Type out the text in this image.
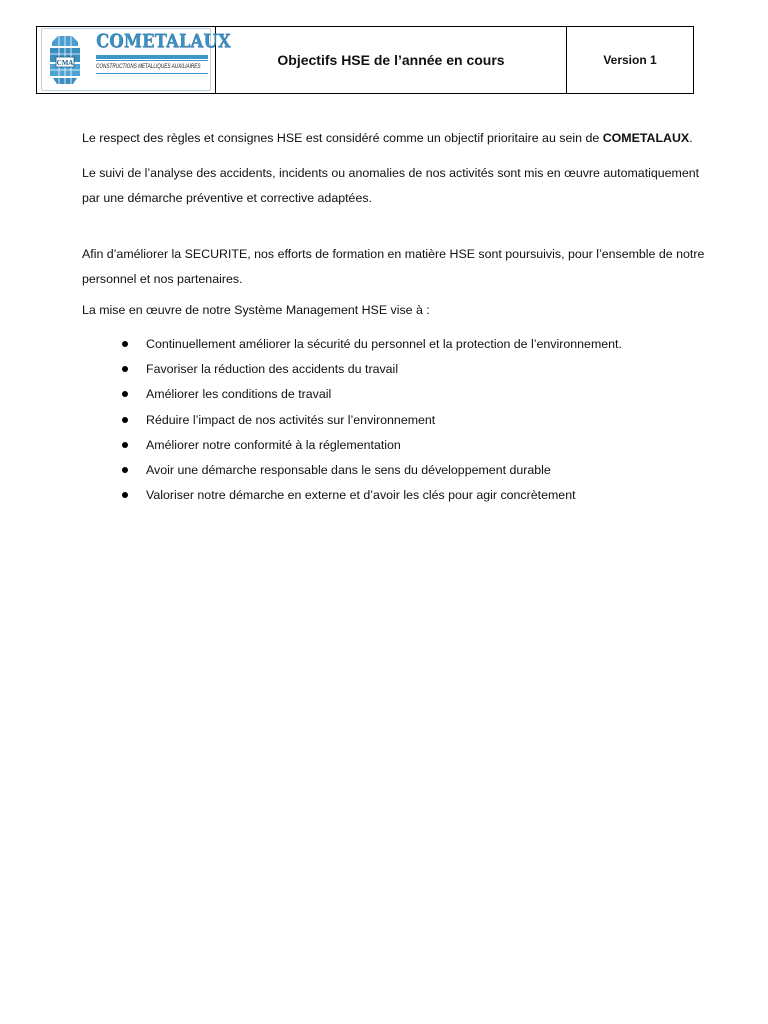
CMA
COMETALAUX
CONSTRUCTIONS METALLIQUES AUXILIAIRES	Objectifs HSE de l’année en cours	Version 1

Le respect des règles et consignes HSE est considéré comme un objectif prioritaire au sein de COMETALAUX.

Le suivi de l’analyse des accidents, incidents ou anomalies de nos activités sont mis en œuvre automatiquement par une démarche préventive et corrective adaptées.

Afin d’améliorer la SECURITE, nos efforts de formation en matière HSE sont poursuivis, pour l’ensemble de notre personnel et nos partenaires.

La mise en œuvre de notre Système Management HSE vise à :

Continuellement améliorer la sécurité du personnel et la protection de l’environnement.
Favoriser la réduction des accidents du travail
Améliorer les conditions de travail
Réduire l’impact de nos activités sur l’environnement
Améliorer notre conformité à la réglementation
Avoir une démarche responsable dans le sens du développement durable
Valoriser notre démarche en externe et d’avoir les clés pour agir concrètement
